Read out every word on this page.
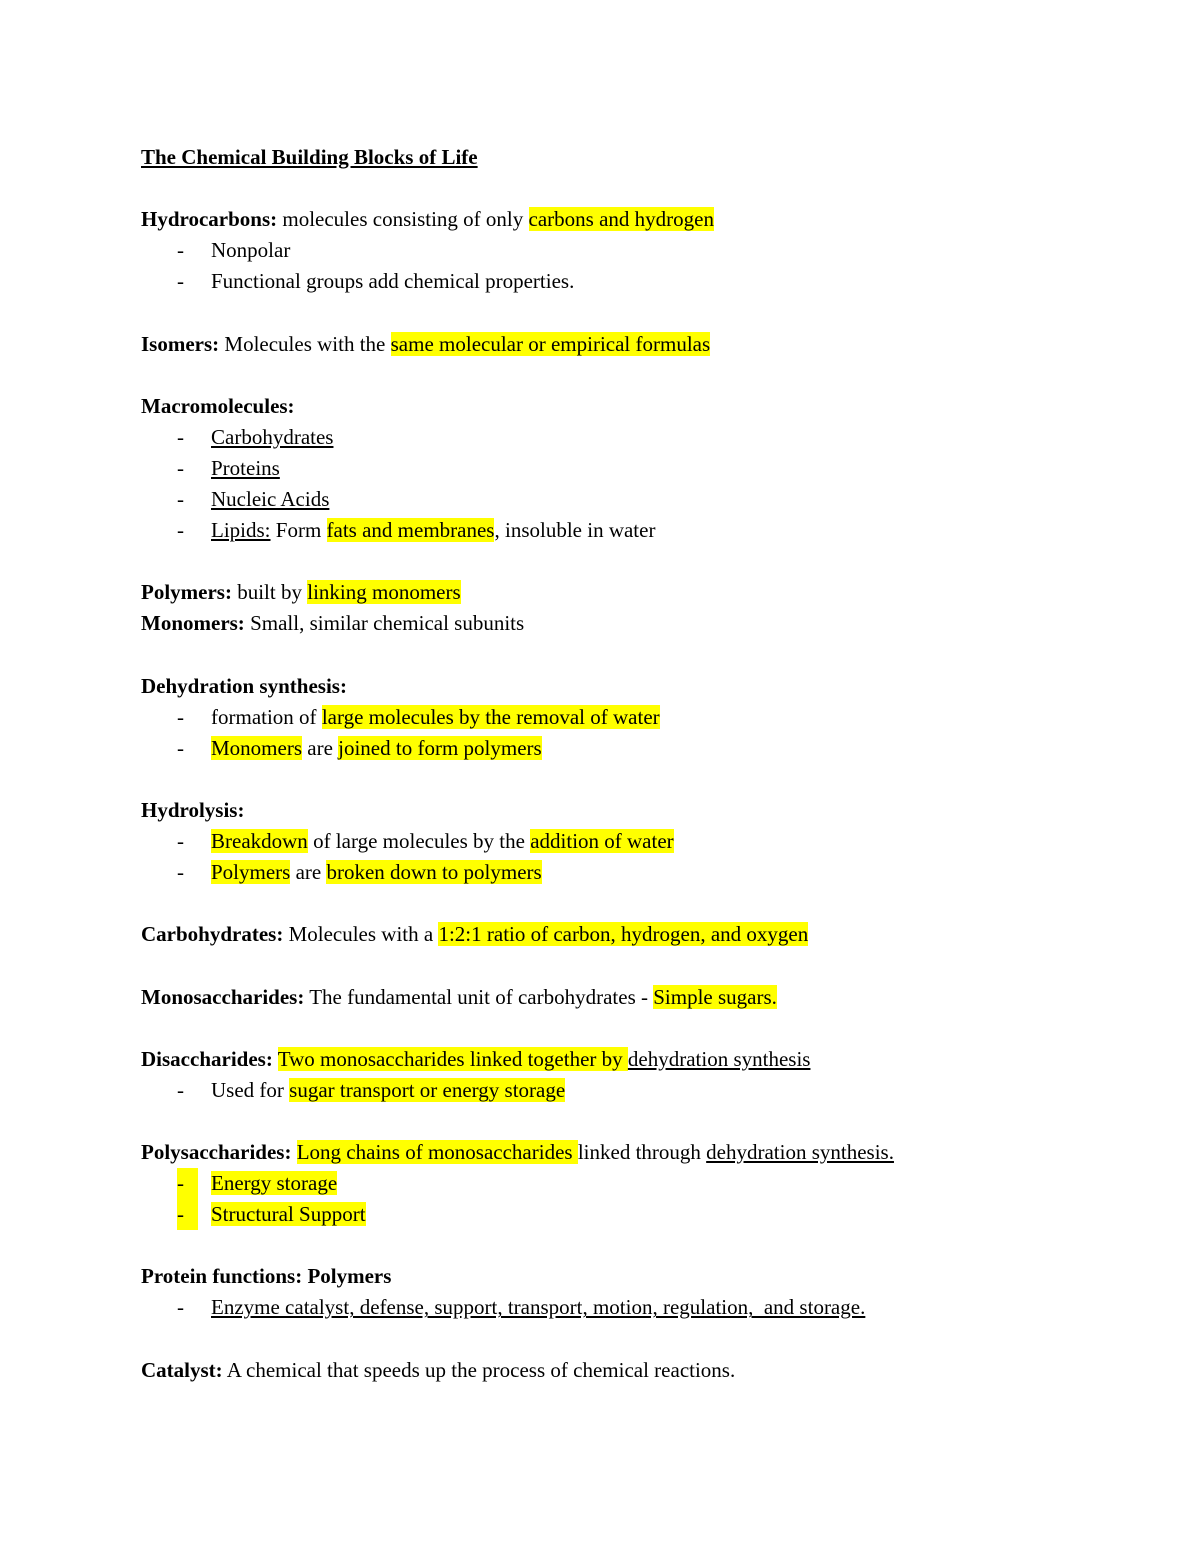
The Chemical Building Blocks of Life
Hydrocarbons: molecules consisting of only carbons and hydrogen
- Nonpolar
- Functional groups add chemical properties.
Isomers: Molecules with the same molecular or empirical formulas
Macromolecules:
- Carbohydrates
- Proteins
- Nucleic Acids
- Lipids: Form fats and membranes, insoluble in water
Polymers: built by linking monomers
Monomers: Small, similar chemical subunits
Dehydration synthesis:
- formation of large molecules by the removal of water
- Monomers are joined to form polymers
Hydrolysis:
- Breakdown of large molecules by the addition of water
- Polymers are broken down to polymers
Carbohydrates: Molecules with a 1:2:1 ratio of carbon, hydrogen, and oxygen
Monosaccharides: The fundamental unit of carbohydrates - Simple sugars.
Disaccharides: Two monosaccharides linked together by dehydration synthesis
- Used for sugar transport or energy storage
Polysaccharides: Long chains of monosaccharides linked through dehydration synthesis.
-	Energy storage
-	Structural Support
Protein functions: Polymers
- Enzyme catalyst, defense, support, transport, motion, regulation,  and storage.
Catalyst: A chemical that speeds up the process of chemical reactions.
